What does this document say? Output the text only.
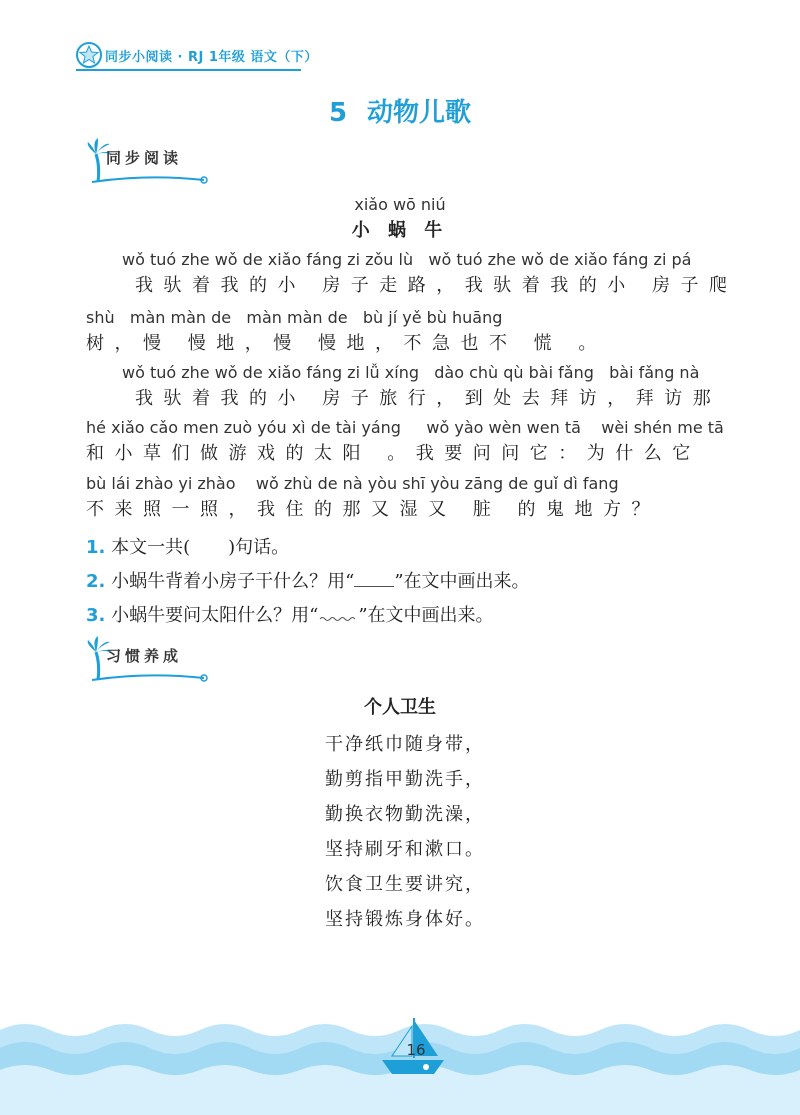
同步小阅读 · RJ 1年级 语文（下）
5 动物儿歌
同步阅读
xiǎo wō niú
小 蜗 牛
wǒ tuó zhe wǒ de xiǎo fáng zi zǒu lù   wǒ tuó zhe wǒ de xiǎo fáng zi pá
我驮着我的小 房子走路，我驮着我的小 房子爬
shù   màn màn de   màn màn de   bù jí yě bù huāng
树，慢 慢地，慢 慢地，不急也不 慌 。
wǒ tuó zhe wǒ de xiǎo fáng zi lǚ xíng   dào chù qù bài fǎng   bài fǎng nà
我驮着我的小 房子旅行，到处去拜访，拜访那
hé xiǎo cǎo men zuò yóu xì de tài yáng     wǒ yào wèn wen tā    wèi shén me tā
和小草们做游戏的太阳 。我要问问它：为什么它
bù lái zhào yi zhào    wǒ zhù de nà yòu shī yòu zāng de guǐ dì fang
不来照一照，我住的那又湿又 脏 的鬼地方？
1. 本文一共( )句话。
2. 小蜗牛背着小房子干什么？用“ ”在文中画出来。
3. 小蜗牛要问太阳什么？用“ ”在文中画出来。
习惯养成
个人卫生
干净纸巾随身带，
勤剪指甲勤洗手，
勤换衣物勤洗澡，
坚持刷牙和漱口。
饮食卫生要讲究，
坚持锻炼身体好。
16
